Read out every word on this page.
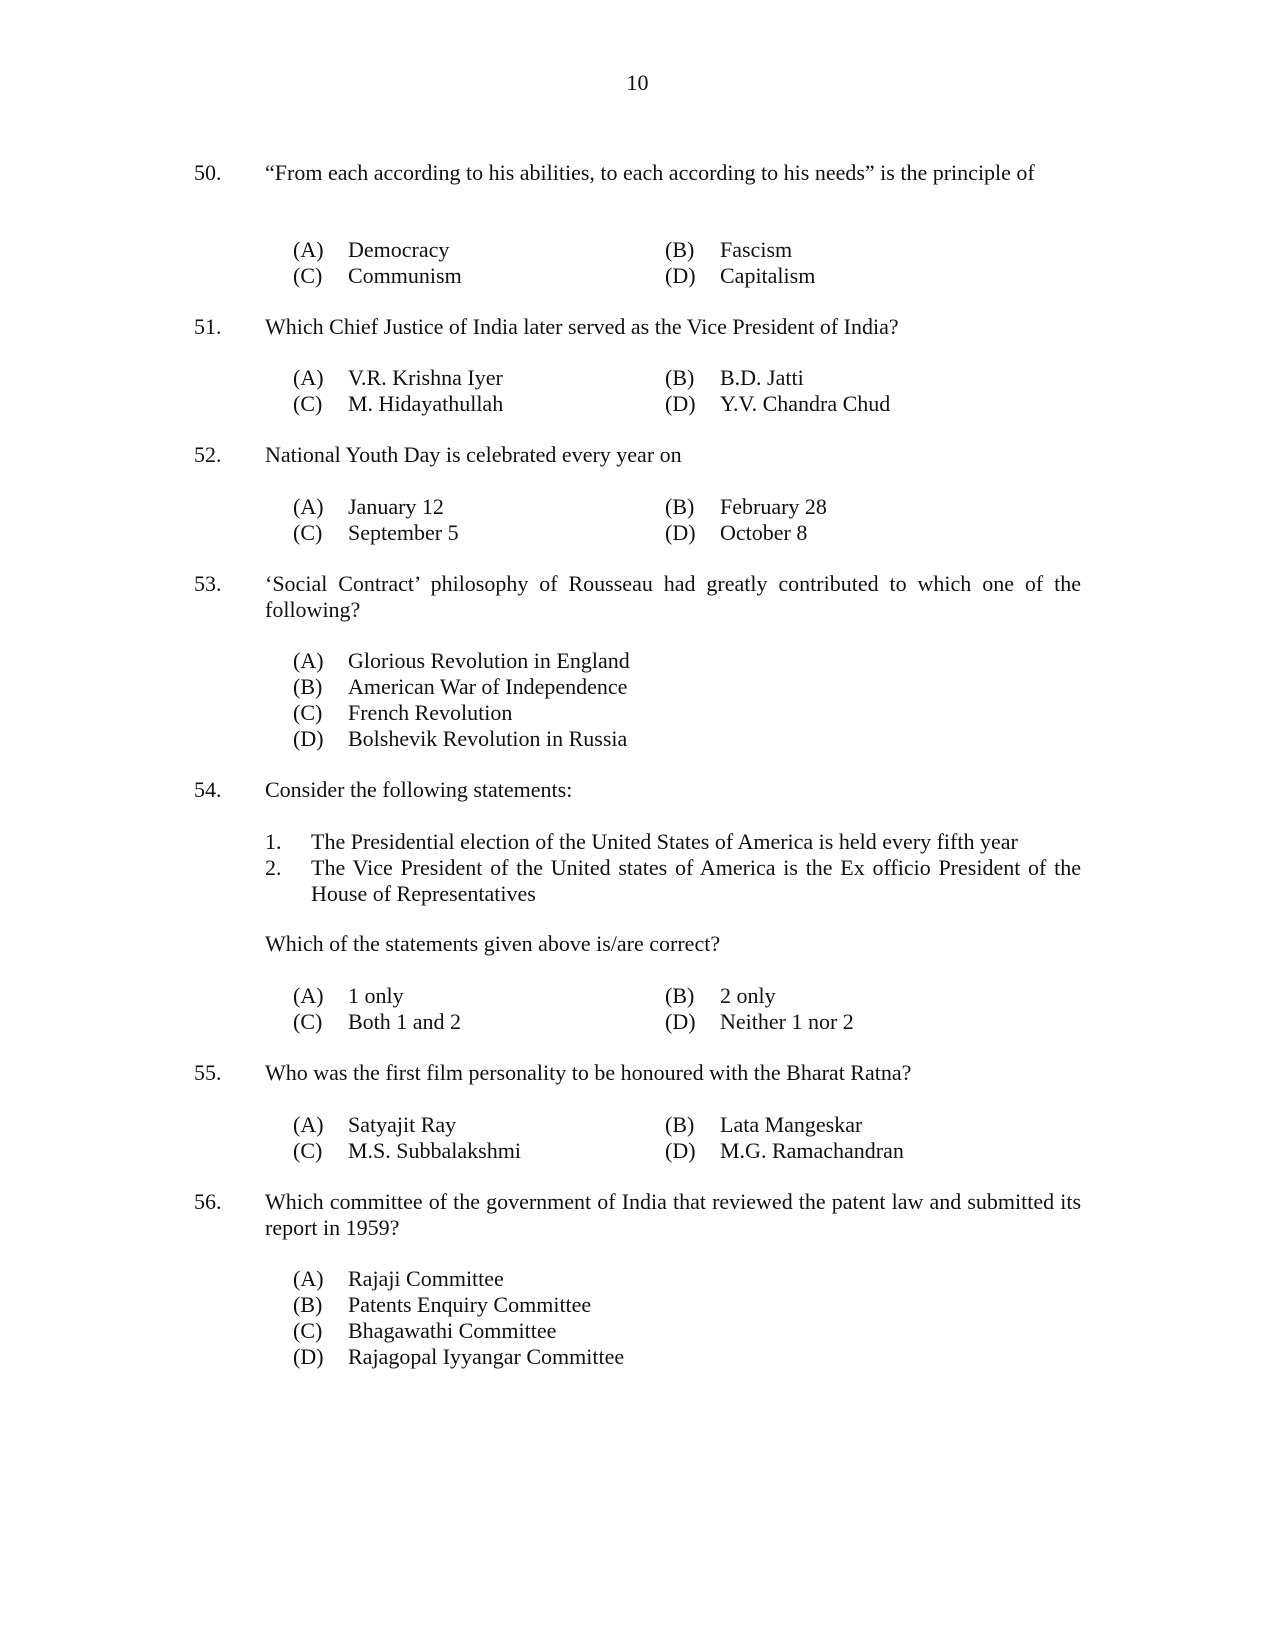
10
50. “From each according to his abilities, to each according to his needs” is the principle of
(A) Democracy	(B) Fascism
(C) Communism	(D) Capitalism
51. Which Chief Justice of India later served as the Vice President of India?
(A) V.R. Krishna Iyer	(B) B.D. Jatti
(C) M. Hidayathullah	(D) Y.V. Chandra Chud
52. National Youth Day is celebrated every year on
(A) January 12	(B) February 28
(C) September 5	(D) October 8
53. ‘Social Contract’ philosophy of Rousseau had greatly contributed to which one of the following?
(A) Glorious Revolution in England
(B) American War of Independence
(C) French Revolution
(D) Bolshevik Revolution in Russia
54. Consider the following statements:
1. The Presidential election of the United States of America is held every fifth year
2. The Vice President of the United states of America is the Ex officio President of the House of Representatives
Which of the statements given above is/are correct?
(A) 1 only	(B) 2 only
(C) Both 1 and 2	(D) Neither 1 nor 2
55. Who was the first film personality to be honoured with the Bharat Ratna?
(A) Satyajit Ray	(B) Lata Mangeskar
(C) M.S. Subbalakshmi	(D) M.G. Ramachandran
56. Which committee of the government of India that reviewed the patent law and submitted its report in 1959?
(A) Rajaji Committee
(B) Patents Enquiry Committee
(C) Bhagawathi Committee
(D) Rajagopal Iyyangar Committee
